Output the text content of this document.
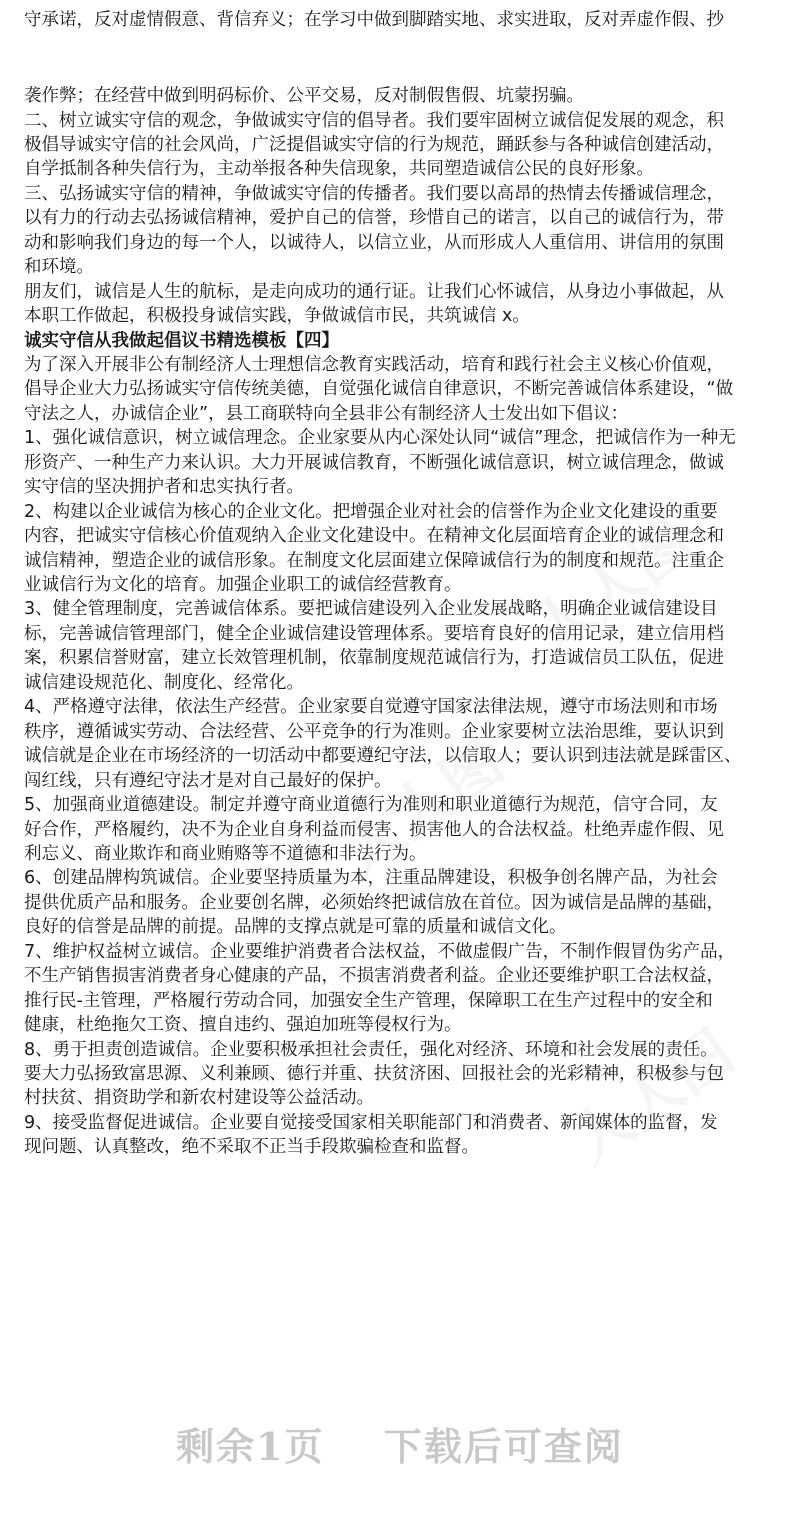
守承诺，反对虚情假意、背信弃义；在学习中做到脚踏实地、求实进取，反对弄虚作假、抄
袭作弊；在经营中做到明码标价、公平交易，反对制假售假、坑蒙拐骗。
二、树立诚实守信的观念，争做诚实守信的倡导者。我们要牢固树立诚信促发展的观念，积
极倡导诚实守信的社会风尚，广泛提倡诚实守信的行为规范，踊跃参与各种诚信创建活动，
自学抵制各种失信行为，主动举报各种失信现象，共同塑造诚信公民的良好形象。
三、弘扬诚实守信的精神，争做诚实守信的传播者。我们要以高昂的热情去传播诚信理念，
以有力的行动去弘扬诚信精神，爱护自己的信誉，珍惜自己的诺言，以自己的诚信行为，带
动和影响我们身边的每一个人，以诚待人，以信立业，从而形成人人重信用、讲信用的氛围
和环境。
朋友们，诚信是人生的航标，是走向成功的通行证。让我们心怀诚信，从身边小事做起，从
本职工作做起，积极投身诚信实践，争做诚信市民，共筑诚信 x。
诚实守信从我做起倡议书精选模板【四】
为了深入开展非公有制经济人士理想信念教育实践活动，培育和践行社会主义核心价值观，
倡导企业大力弘扬诚实守信传统美德，自觉强化诚信自律意识，不断完善诚信体系建设，“做
守法之人，办诚信企业”，县工商联特向全县非公有制经济人士发出如下倡议：
1、强化诚信意识，树立诚信理念。企业家要从内心深处认同“诚信”理念，把诚信作为一种无
形资产、一种生产力来认识。大力开展诚信教育，不断强化诚信意识，树立诚信理念，做诚
实守信的坚决拥护者和忠实执行者。
2、构建以企业诚信为核心的企业文化。把增强企业对社会的信誉作为企业文化建设的重要
内容，把诚实守信核心价值观纳入企业文化建设中。在精神文化层面培育企业的诚信理念和
诚信精神，塑造企业的诚信形象。在制度文化层面建立保障诚信行为的制度和规范。注重企
业诚信行为文化的培育。加强企业职工的诚信经营教育。
3、健全管理制度，完善诚信体系。要把诚信建设列入企业发展战略，明确企业诚信建设目
标，完善诚信管理部门，健全企业诚信建设管理体系。要培育良好的信用记录，建立信用档
案，积累信誉财富，建立长效管理机制，依靠制度规范诚信行为，打造诚信员工队伍，促进
诚信建设规范化、制度化、经常化。
4、严格遵守法律，依法生产经营。企业家要自觉遵守国家法律法规，遵守市场法则和市场
秩序，遵循诚实劳动、合法经营、公平竞争的行为准则。企业家要树立法治思维，要认识到
诚信就是企业在市场经济的一切活动中都要遵纪守法，以信取人；要认识到违法就是踩雷区、
闯红线，只有遵纪守法才是对自己最好的保护。
5、加强商业道德建设。制定并遵守商业道德行为准则和职业道德行为规范，信守合同，友
好合作，严格履约，决不为企业自身利益而侵害、损害他人的合法权益。杜绝弄虚作假、见
利忘义、商业欺诈和商业贿赂等不道德和非法行为。
6、创建品牌构筑诚信。企业要坚持质量为本，注重品牌建设，积极争创名牌产品，为社会
提供优质产品和服务。企业要创名牌，必须始终把诚信放在首位。因为诚信是品牌的基础，
良好的信誉是品牌的前提。品牌的支撑点就是可靠的质量和诚信文化。
7、维护权益树立诚信。企业要维护消费者合法权益，不做虚假广告，不制作假冒伪劣产品，
不生产销售损害消费者身心健康的产品，不损害消费者利益。企业还要维护职工合法权益，
推行民-主管理，严格履行劳动合同，加强安全生产管理，保障职工在生产过程中的安全和
健康，杜绝拖欠工资、擅自违约、强迫加班等侵权行为。
8、勇于担责创造诚信。企业要积极承担社会责任，强化对经济、环境和社会发展的责任。
要大力弘扬致富思源、义利兼顾、德行并重、扶贫济困、回报社会的光彩精神，积极参与包
村扶贫、捐资助学和新农村建设等公益活动。
9、接受监督促进诚信。企业要自觉接受国家相关职能部门和消费者、新闻媒体的监督，发
现问题、认真整改，绝不采取不正当手段欺骗检查和监督。
人人图
人人图
人人图
剩余1页 下载后可查阅
